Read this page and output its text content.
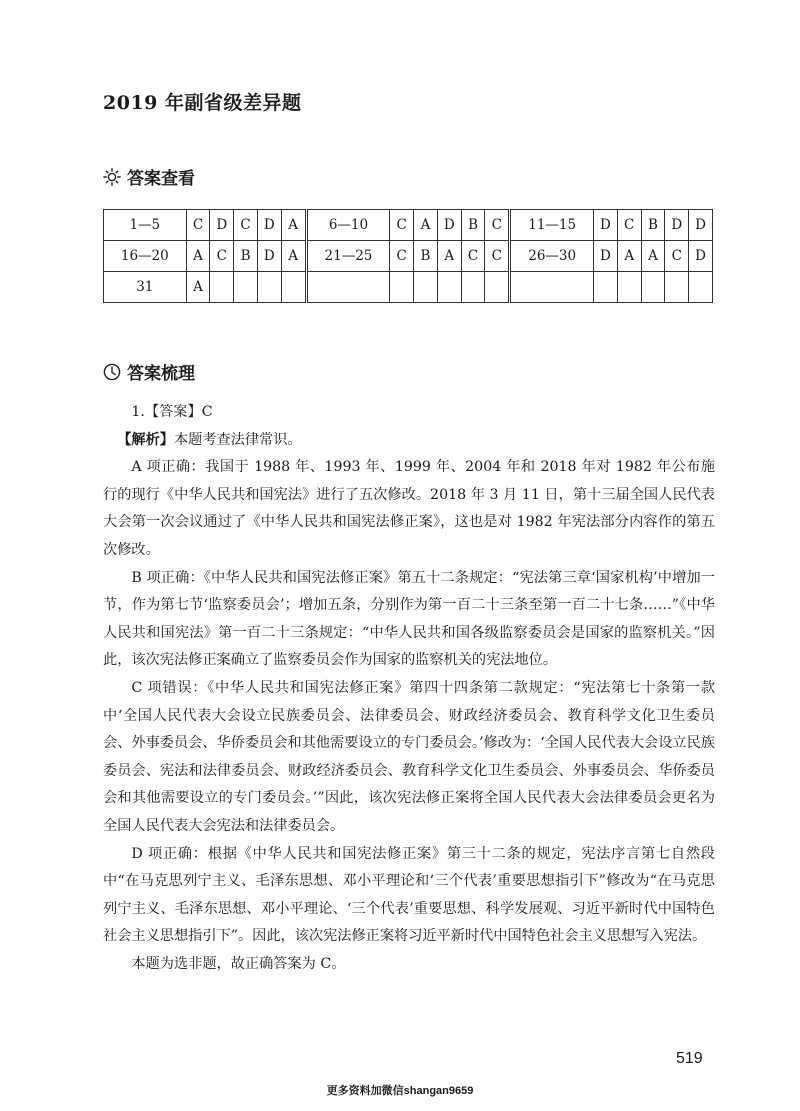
2019 年副省级差异题
答案查看
1—5	C	D	C	D	A	6—10	C	A	D	B	C	11—15	D	C	B	D	D
16—20	A	C	B	D	A	21—25	C	B	A	C	C	26—30	D	A	A	C	D
31	A																
答案梳理

1.【答案】C

【解析】本题考查法律常识。

A 项正确：我国于 1988 年、1993 年、1999 年、2004 年和 2018 年对 1982 年公布施行的现行《中华人民共和国宪法》进行了五次修改。2018 年 3 月 11 日，第十三届全国人民代表大会第一次会议通过了《中华人民共和国宪法修正案》，这也是对 1982 年宪法部分内容作的第五次修改。

B 项正确：《中华人民共和国宪法修正案》第五十二条规定：“宪法第三章‘国家机构’中增加一节，作为第七节‘监察委员会’；增加五条，分别作为第一百二十三条至第一百二十七条……”《中华人民共和国宪法》第一百二十三条规定：“中华人民共和国各级监察委员会是国家的监察机关。”因此，该次宪法修正案确立了监察委员会作为国家的监察机关的宪法地位。

C 项错误：《中华人民共和国宪法修正案》第四十四条第二款规定：“宪法第七十条第一款中‘全国人民代表大会设立民族委员会、法律委员会、财政经济委员会、教育科学文化卫生委员会、外事委员会、华侨委员会和其他需要设立的专门委员会。’修改为：‘全国人民代表大会设立民族委员会、宪法和法律委员会、财政经济委员会、教育科学文化卫生委员会、外事委员会、华侨委员会和其他需要设立的专门委员会。’”因此，该次宪法修正案将全国人民代表大会法律委员会更名为全国人民代表大会宪法和法律委员会。

D 项正确：根据《中华人民共和国宪法修正案》第三十二条的规定，宪法序言第七自然段中“在马克思列宁主义、毛泽东思想、邓小平理论和‘三个代表’重要思想指引下”修改为“在马克思列宁主义、毛泽东思想、邓小平理论、‘三个代表’重要思想、科学发展观、习近平新时代中国特色社会主义思想指引下”。因此，该次宪法修正案将习近平新时代中国特色社会主义思想写入宪法。

本题为选非题，故正确答案为 C。

519
更多资料加微信shangan9659
